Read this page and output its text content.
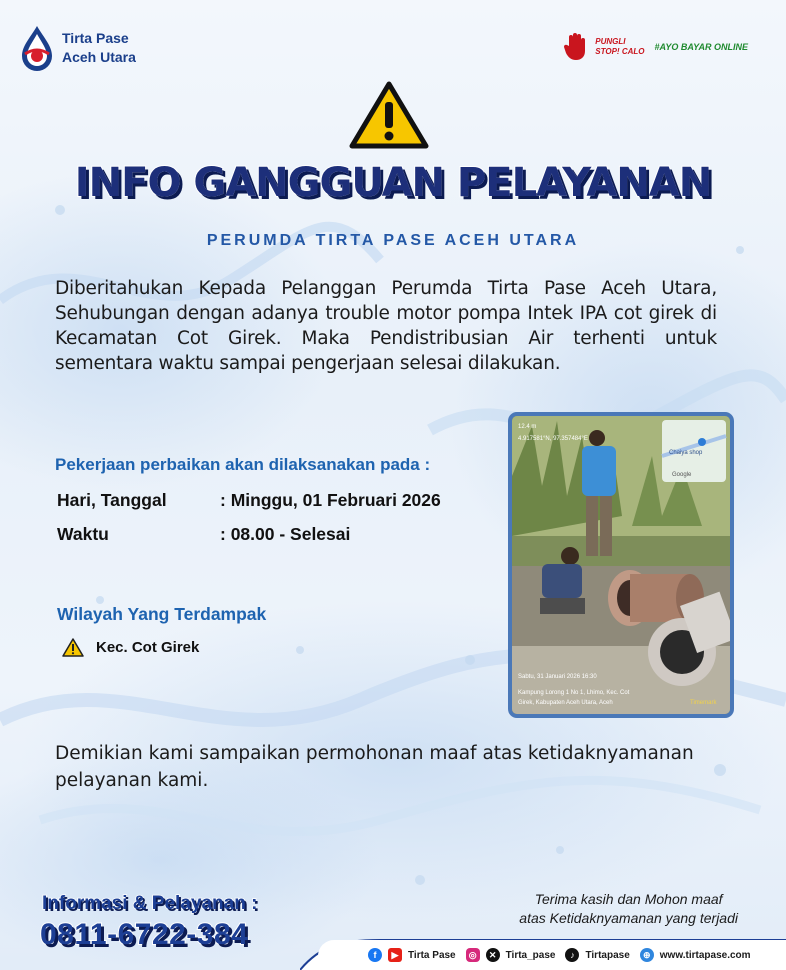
Tirta Pase
Aceh Utara
PUNGLI
STOP! CALO #AYO BAYAR ONLINE
INFO GANGGUAN PELAYANAN
PERUMDA TIRTA PASE ACEH UTARA
Diberitahukan Kepada Pelanggan Perumda Tirta Pase Aceh Utara, Sehubungan dengan adanya trouble motor pompa Intek IPA cot girek di Kecamatan Cot Girek. Maka Pendistribusian Air terhenti untuk sementara waktu sampai pengerjaan selesai dilakukan.
Pekerjaan perbaikan akan dilaksanakan pada :
Hari, Tanggal	: Minggu, 01 Februari 2026
Waktu	: 08.00 - Selesai
Wilayah Yang Terdampak
Kec. Cot Girek
Chaiya shop
Google
12.4 m
4.917581°N, 97.357484°E
Sabtu, 31 Januari 2026 16:30
Kampung Lorong 1 No 1, Lhimo, Kec. Cot
Girek, Kabupaten Aceh Utara, Aceh	Timemark
Demikian kami sampaikan permohonan maaf atas ketidaknyamanan pelayanan kami.
Informasi & Pelayanan :
0811-6722-384
Terima kasih dan Mohon maaf
atas Ketidaknyamanan yang terjadi
f	▶ Tirta Pase	◎	✕ Tirta_pase	♪	Tirtapase	⊕ www.tirtapase.com
